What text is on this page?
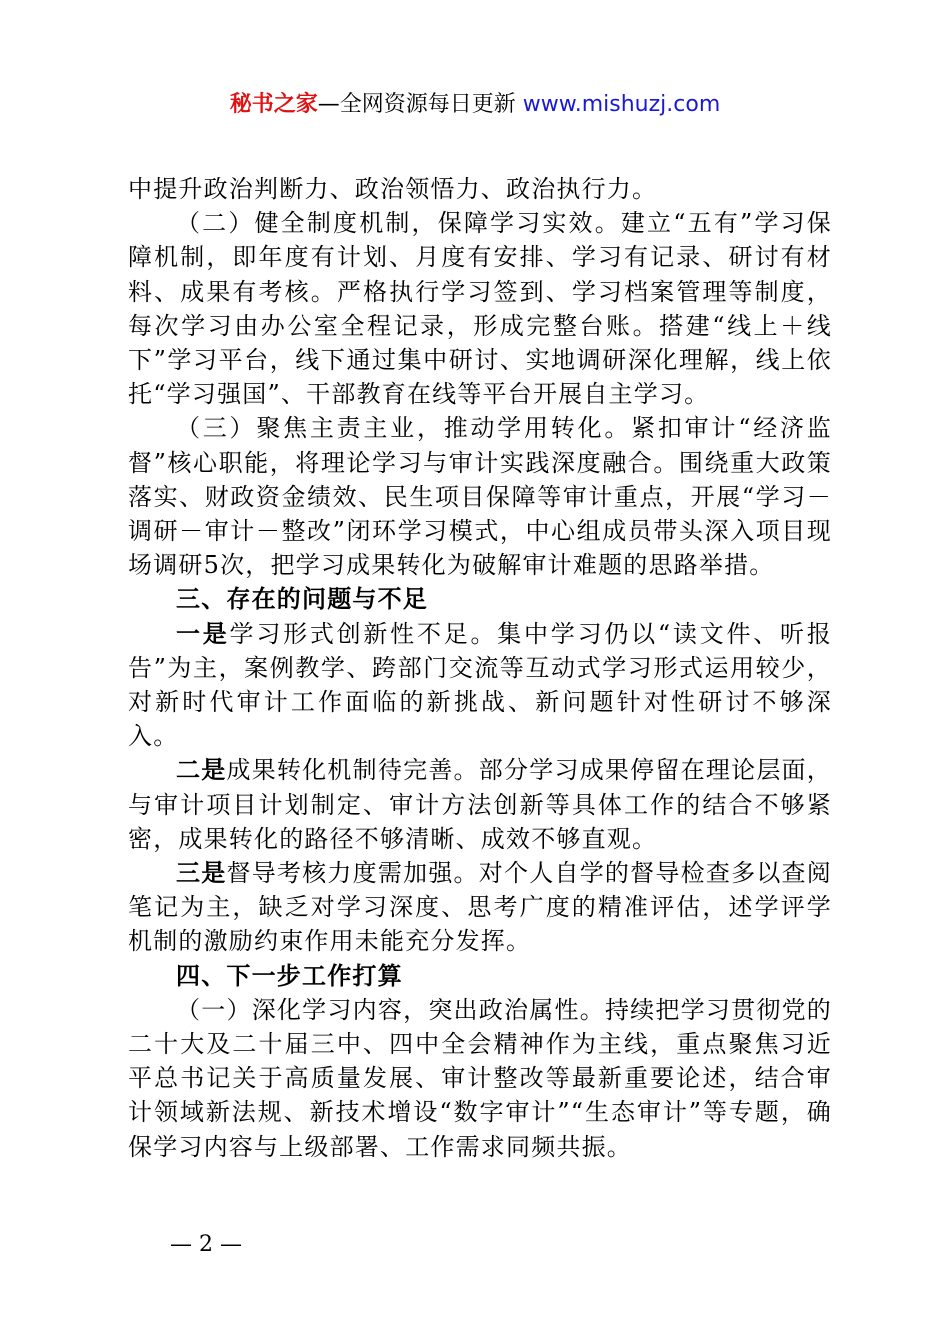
秘书之家—全网资源每日更新 www.mishuzj.com

中提升政治判断力、政治领悟力、政治执行力。

（二）健全制度机制，保障学习实效。建立“五有”学习保障机制，即年度有计划、月度有安排、学习有记录、研讨有材料、成果有考核。严格执行学习签到、学习档案管理等制度，每次学习由办公室全程记录，形成完整台账。搭建“线上＋线下”学习平台，线下通过集中研讨、实地调研深化理解，线上依托“学习强国”、干部教育在线等平台开展自主学习。

（三）聚焦主责主业，推动学用转化。紧扣审计“经济监督”核心职能，将理论学习与审计实践深度融合。围绕重大政策落实、财政资金绩效、民生项目保障等审计重点，开展“学习－调研－审计－整改”闭环学习模式，中心组成员带头深入项目现场调研5次，把学习成果转化为破解审计难题的思路举措。

三、存在的问题与不足

一是学习形式创新性不足。集中学习仍以“读文件、听报告”为主，案例教学、跨部门交流等互动式学习形式运用较少，对新时代审计工作面临的新挑战、新问题针对性研讨不够深入。

二是成果转化机制待完善。部分学习成果停留在理论层面，与审计项目计划制定、审计方法创新等具体工作的结合不够紧密，成果转化的路径不够清晰、成效不够直观。

三是督导考核力度需加强。对个人自学的督导检查多以查阅笔记为主，缺乏对学习深度、思考广度的精准评估，述学评学机制的激励约束作用未能充分发挥。

四、下一步工作打算

（一）深化学习内容，突出政治属性。持续把学习贯彻党的二十大及二十届三中、四中全会精神作为主线，重点聚焦习近平总书记关于高质量发展、审计整改等最新重要论述，结合审计领域新法规、新技术增设“数字审计”“生态审计”等专题，确保学习内容与上级部署、工作需求同频共振。

— 2 —
